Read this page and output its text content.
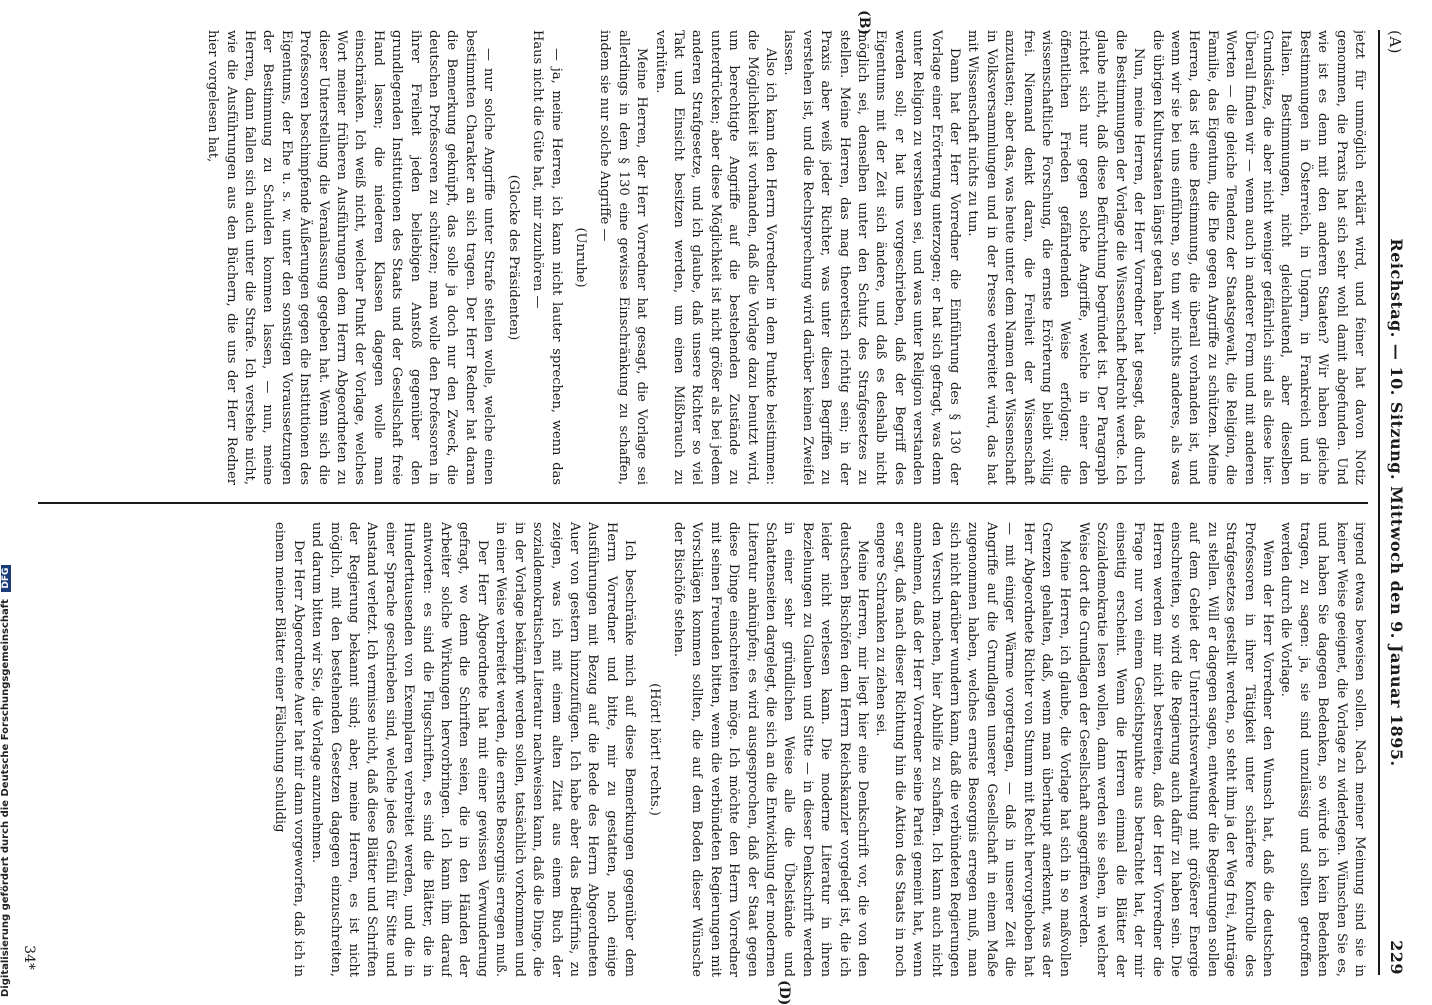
(A)
Reichstag. — 10. Sitzung. Mittwoch den 9. Januar 1895.
229
(B)
(D)

jetzt für unmöglich erklärt wird, und feiner hat davon Notiz genommen, die Praxis hat sich sehr wohl damit abgefunden. Und wie ist es denn mit den anderen Staaten? Wir haben gleiche Bestimmungen in Österreich, in Ungarn, in Frankreich und in Italien. Bestimmungen, nicht gleichlautend, aber dieselben Grundsätze, die aber nicht weniger gefährlich sind als diese hier. Überall finden wir — wenn auch in anderer Form und mit anderen Worten — die gleiche Tendenz der Staatsgewalt, die Religion, die Familie, das Eigentum, die Ehe gegen Angriffe zu schützen. Meine Herren, das ist eine Bestimmung, die überall vorhanden ist, und wenn wir sie bei uns einführen, so tun wir nichts anderes, als was die übrigen Kulturstaaten längst getan haben.

Nun, meine Herren, der Herr Vorredner hat gesagt, daß durch die Bestimmungen der Vorlage die Wissenschaft bedroht werde. Ich glaube nicht, daß diese Befürchtung begründet ist. Der Paragraph richtet sich nur gegen solche Angriffe, welche in einer den öffentlichen Frieden gefährdenden Weise erfolgen; die wissenschaftliche Forschung, die ernste Erörterung bleibt völlig frei. Niemand denkt daran, die Freiheit der Wissenschaft anzutasten; aber das, was heute unter dem Namen der Wissenschaft in Volksversammlungen und in der Presse verbreitet wird, das hat mit Wissenschaft nichts zu tun.

Dann hat der Herr Vorredner die Einführung des § 130 der Vorlage einer Erörterung unterzogen; er hat sich gefragt, was denn unter Religion zu verstehen sei, und was unter Religion verstanden werden soll; er hat uns vorgeschrieben, daß der Begriff des Eigentums mit der Zeit sich ändere, und daß es deshalb nicht möglich sei, denselben unter den Schutz des Strafgesetzes zu stellen. Meine Herren, das mag theoretisch richtig sein; in der Praxis aber weiß jeder Richter, was unter diesen Begriffen zu verstehen ist, und die Rechtsprechung wird darüber keinen Zweifel lassen.

Also ich kann den Herrn Vorredner in dem Punkte beistimmen: die Möglichkeit ist vorhanden, daß die Vorlage dazu benutzt wird, um berechtigte Angriffe auf die bestehenden Zustände zu unterdrücken; aber diese Möglichkeit ist nicht größer als bei jedem anderen Strafgesetze, und ich glaube, daß unsere Richter so viel Takt und Einsicht besitzen werden, um einen Mißbrauch zu verhüten.

Meine Herren, der Herr Vorredner hat gesagt, die Vorlage sei allerdings in dem § 130 eine gewisse Einschränkung zu schaffen, indem sie nur solche Angriffe —

(Unruhe)

— ja, meine Herren, ich kann nicht lauter sprechen, wenn das Haus nicht die Güte hat, mir zuzuhören —

(Glocke des Präsidenten)

— nur solche Angriffe unter Strafe stellen wolle, welche einen bestimmten Charakter an sich tragen. Der Herr Redner hat daran die Bemerkung geknüpft, das solle ja doch nur den Zweck, die deutschen Professoren zu schützen; man wolle den Professoren in ihrer Freiheit jeden beliebigen Anstoß gegenüber den grundlegenden Institutionen des Staats und der Gesellschaft freie Hand lassen; die niederen Klassen dagegen wolle man einschränken. Ich weiß nicht, welcher Punkt der Vorlage, welches Wort meiner früheren Ausführungen dem Herrn Abgeordneten zu dieser Unterstellung die Veranlassung gegeben hat. Wenn sich die Professoren beschimpfende Äußerungen gegen die Institutionen des Eigentums, der Ehe u. s. w. unter den sonstigen Voraussetzungen der Bestimmung zu Schulden kommen lassen, — nun, meine Herren, dann fallen sich auch unter die Strafe. Ich verstehe nicht, wie die Ausführungen aus den Büchern, die uns der Herr Redner hier vorgelesen hat,

irgend etwas beweisen sollen. Nach meiner Meinung sind sie in keiner Weise geeignet, die Vorlage zu widerlegen. Wünschen Sie es, und haben Sie dagegen Bedenken, so würde ich kein Bedenken tragen, zu sagen: ja, sie sind unzulässig und sollten getroffen werden durch die Vorlage.

Wenn der Herr Vorredner den Wunsch hat, daß die deutschen Professoren in ihrer Tätigkeit unter schärfere Kontrolle des Strafgesetzes gestellt werden, so steht ihm ja der Weg frei, Anträge zu stellen. Will er dagegen sagen, entweder die Regierungen sollen auf dem Gebiet der Unterrichtsverwaltung mit größerer Energie einschreiten, so wird die Regierung auch dafür zu haben sein. Die Herren werden mir nicht bestreiten, daß der Herr Vorredner die Frage nur von einem Gesichtspunkte aus betrachtet hat, der mir einseitig erscheint. Wenn die Herren einmal die Blätter der Sozialdemokratie lesen wollen, dann werden sie sehen, in welcher Weise dort die Grundlagen der Gesellschaft angegriffen werden.

Meine Herren, ich glaube, die Vorlage hat sich in so maßvollen Grenzen gehalten, daß, wenn man überhaupt anerkennt, was der Herr Abgeordnete Richter von Stumm mit Recht hervorgehoben hat — mit einiger Wärme vorgetragen, — daß in unserer Zeit die Angriffe auf die Grundlagen unserer Gesellschaft in einem Maße zugenommen haben, welches ernste Besorgnis erregen muß, man sich nicht darüber wundern kann, daß die verbündeten Regierungen den Versuch machen, hier Abhilfe zu schaffen. Ich kann auch nicht annehmen, daß der Herr Vorredner seine Partei gemeint hat, wenn er sagt, daß nach dieser Richtung hin die Aktion des Staats in noch engere Schranken zu ziehen sei.

Meine Herren, mir liegt hier eine Denkschrift vor, die von den deutschen Bischöfen dem Herrn Reichskanzler vorgelegt ist, die ich leider nicht verlesen kann. Die moderne Literatur in ihren Beziehungen zu Glauben und Sitte — in dieser Denkschrift werden in einer sehr gründlichen Weise alle die Übelstände und Schattenseiten dargelegt, die sich an die Entwicklung der modernen Literatur anknüpfen; es wird ausgesprochen, daß der Staat gegen diese Dinge einschreiten möge. Ich möchte den Herrn Vorredner mit seinen Freunden bitten, wenn die verbündeten Regierungen mit Vorschlägen kommen sollten, die auf dem Boden dieser Wünsche der Bischöfe stehen.

(Hört! hört! rechts.)

Ich beschränke mich auf diese Bemerkungen gegenüber dem Herrn Vorredner und bitte, mir zu gestatten, noch einige Ausführungen mit Bezug auf die Rede des Herrn Abgeordneten Auer von gestern hinzuzufügen. Ich habe aber das Bedürfnis, zu zeigen, was ich mit einem alten Zitat aus einem Buch der sozialdemokratischen Literatur nachweisen kann, daß die Dinge, die in der Vorlage bekämpft werden sollen, tatsächlich vorkommen und in einer Weise verbreitet werden, die ernste Besorgnis erregen muß.

Der Herr Abgeordnete hat mit einer gewissen Verwunderung gefragt, wo denn die Schriften seien, die in den Händen der Arbeiter solche Wirkungen hervorbringen. Ich kann ihm darauf antworten: es sind die Flugschriften, es sind die Blätter, die in Hunderttausenden von Exemplaren verbreitet werden, und die in einer Sprache geschrieben sind, welche jedes Gefühl für Sitte und Anstand verletzt. Ich vermisse nicht, daß diese Blätter und Schriften der Regierung bekannt sind; aber, meine Herren, es ist nicht möglich, mit den bestehenden Gesetzen dagegen einzuschreiten, und darum bitten wir Sie, die Vorlage anzunehmen.

Der Herr Abgeordnete Auer hat mir dann vorgeworfen, daß ich in einem meiner Blätter einer Fälschung schuldig

34*
Digitalisierung gefördert durch die Deutsche Forschungsgemeinschaft DFG
